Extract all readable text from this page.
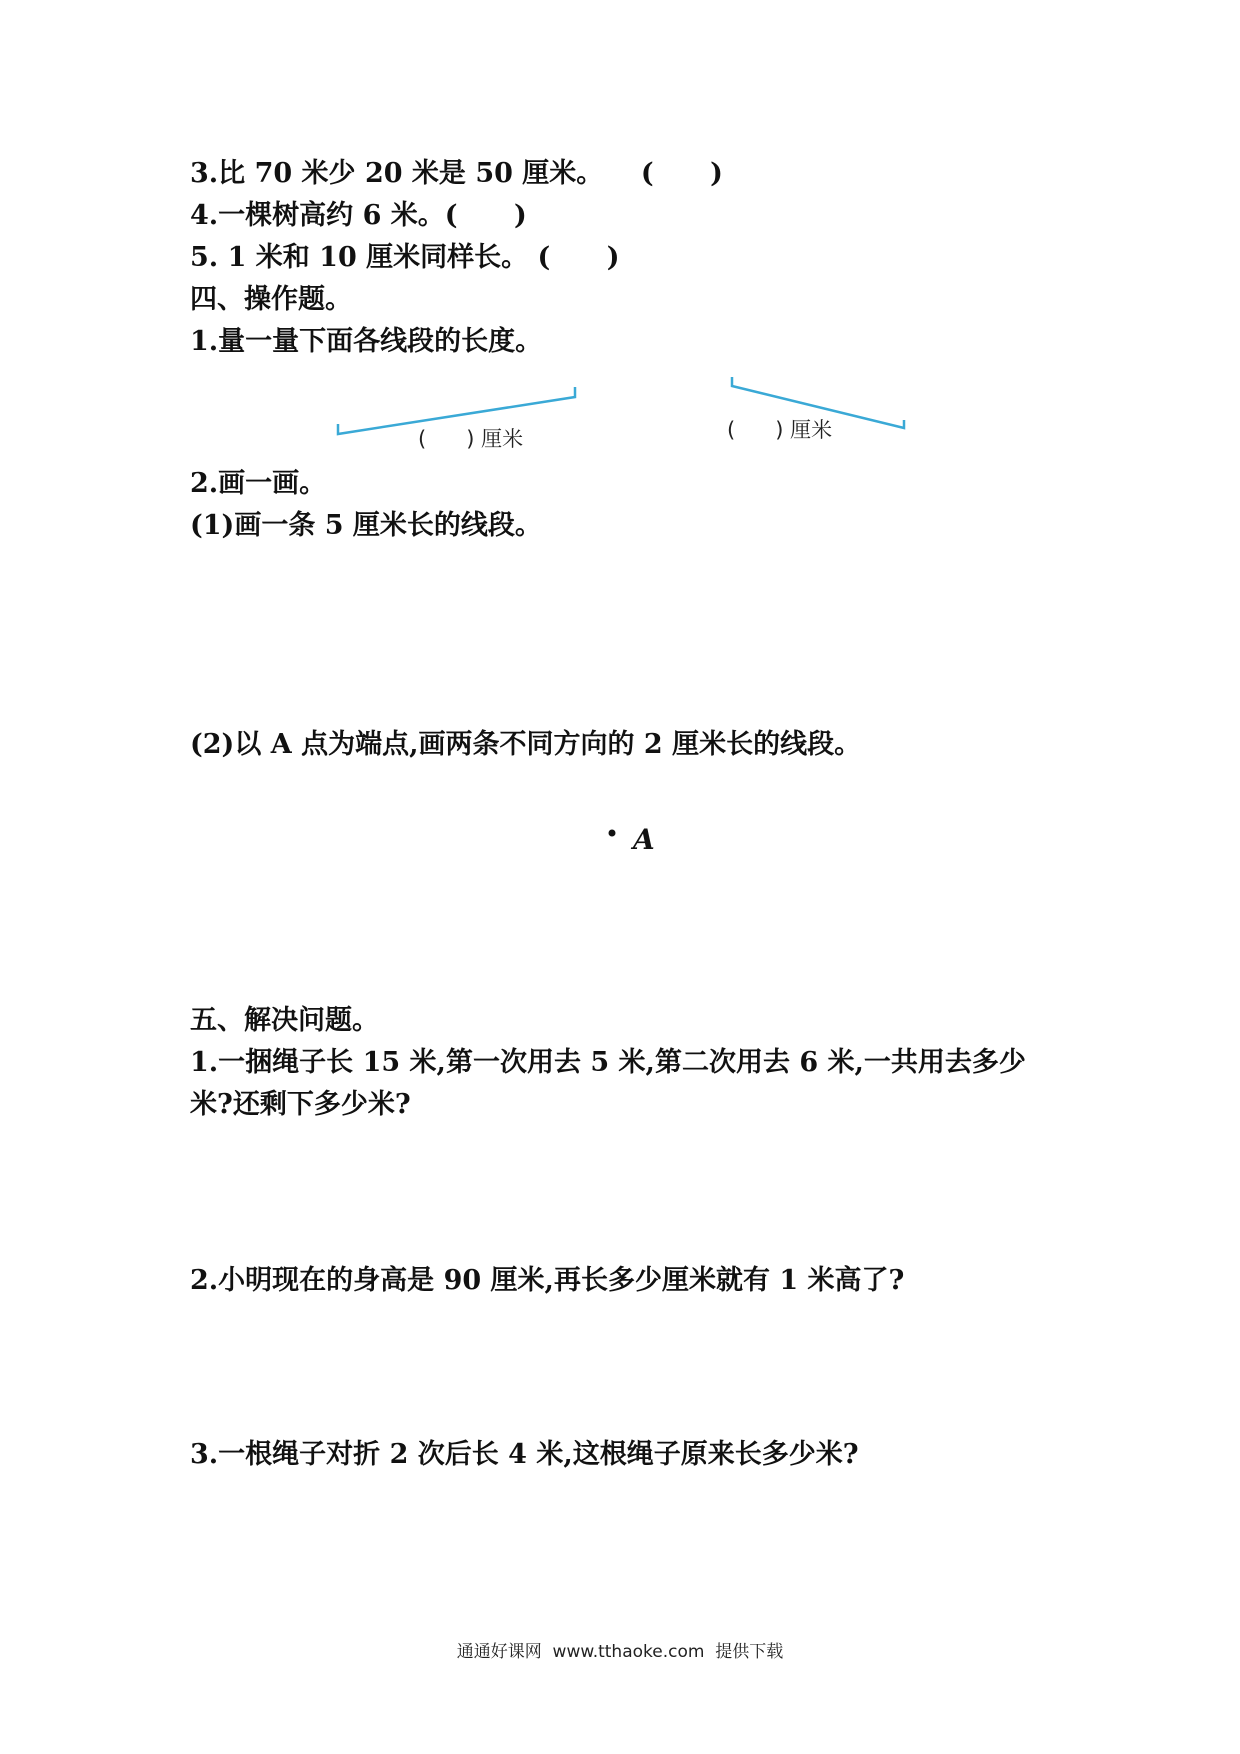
3.比 70 米少 20 米是 50 厘米。    (      )
4.一棵树高约 6 米。(      )
5. 1 米和 10 厘米同样长。 (      )
四、操作题。
1.量一量下面各线段的长度。
(      ) 厘米	(      ) 厘米
2.画一画。
(1)画一条 5 厘米长的线段。
(2)以 A 点为端点,画两条不同方向的 2 厘米长的线段。
A
五、解决问题。
1.一捆绳子长 15 米,第一次用去 5 米,第二次用去 6 米,一共用去多少
米?还剩下多少米?
2.小明现在的身高是 90 厘米,再长多少厘米就有 1 米高了?
3.一根绳子对折 2 次后长 4 米,这根绳子原来长多少米?
通通好课网  www.tthaoke.com  提供下载
